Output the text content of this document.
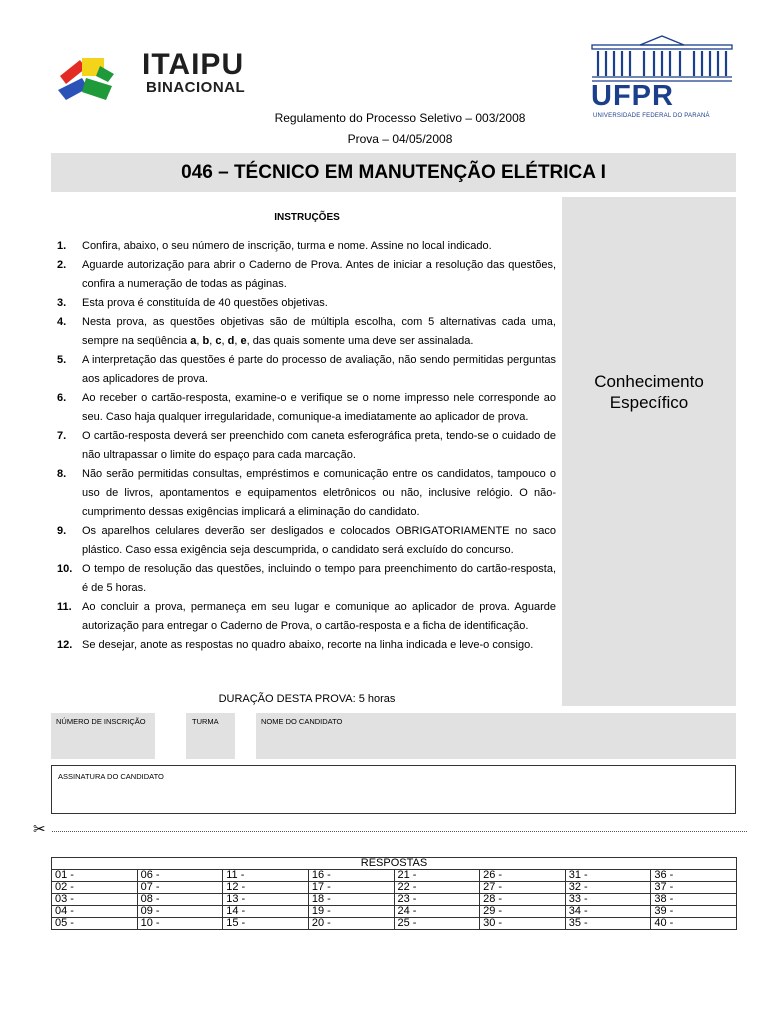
ITAIPU
BINACIONAL	UFPR
UNIVERSIDADE FEDERAL DO PARANÁ
Regulamento do Processo Seletivo – 003/2008
Prova – 04/05/2008
046 – TÉCNICO EM MANUTENÇÃO ELÉTRICA I
INSTRUÇÕES
1.	Confira, abaixo, o seu número de inscrição, turma e nome. Assine no local indicado.
2.	Aguarde autorização para abrir o Caderno de Prova. Antes de iniciar a resolução das questões, confira a numeração de todas as páginas.
3.	Esta prova é constituída de 40 questões objetivas.
4.	Nesta prova, as questões objetivas são de múltipla escolha, com 5 alternativas cada uma, sempre na seqüência a, b, c, d, e, das quais somente uma deve ser assinalada.
5.	A interpretação das questões é parte do processo de avaliação, não sendo permitidas perguntas aos aplicadores de prova.
6.	Ao receber o cartão-resposta, examine-o e verifique se o nome impresso nele corresponde ao seu. Caso haja qualquer irregularidade, comunique-a imediatamente ao aplicador de prova.
7.	O cartão-resposta deverá ser preenchido com caneta esferográfica preta, tendo-se o cuidado de não ultrapassar o limite do espaço para cada marcação.
8.	Não serão permitidas consultas, empréstimos e comunicação entre os candidatos, tampouco o uso de livros, apontamentos e equipamentos eletrônicos ou não, inclusive relógio. O não-cumprimento dessas exigências implicará a eliminação do candidato.
9.	Os aparelhos celulares deverão ser desligados e colocados OBRIGATORIAMENTE no saco plástico. Caso essa exigência seja descumprida, o candidato será excluído do concurso.
10. O tempo de resolução das questões, incluindo o tempo para preenchimento do cartão-resposta, é de 5 horas.
11. Ao concluir a prova, permaneça em seu lugar e comunique ao aplicador de prova. Aguarde autorização para entregar o Caderno de Prova, o cartão-resposta e a ficha de identificação.
12. Se desejar, anote as respostas no quadro abaixo, recorte na linha indicada e leve-o consigo.
DURAÇÃO DESTA PROVA: 5 horas
Conhecimento
Específico
NÚMERO DE INSCRIÇÃO	TURMA	NOME DO CANDIDATO
ASSINATURA DO CANDIDATO
✂
RESPOSTAS							
01 -	06 -	11 -	16 -	21 -	26 -	31 -	36 -
02 -	07 -	12 -	17 -	22 -	27 -	32 -	37 -
03 -	08 -	13 -	18 -	23 -	28 -	33 -	38 -
04 -	09 -	14 -	19 -	24 -	29 -	34 -	39 -
05 -	10 -	15 -	20 -	25 -	30 -	35 -	40 -
